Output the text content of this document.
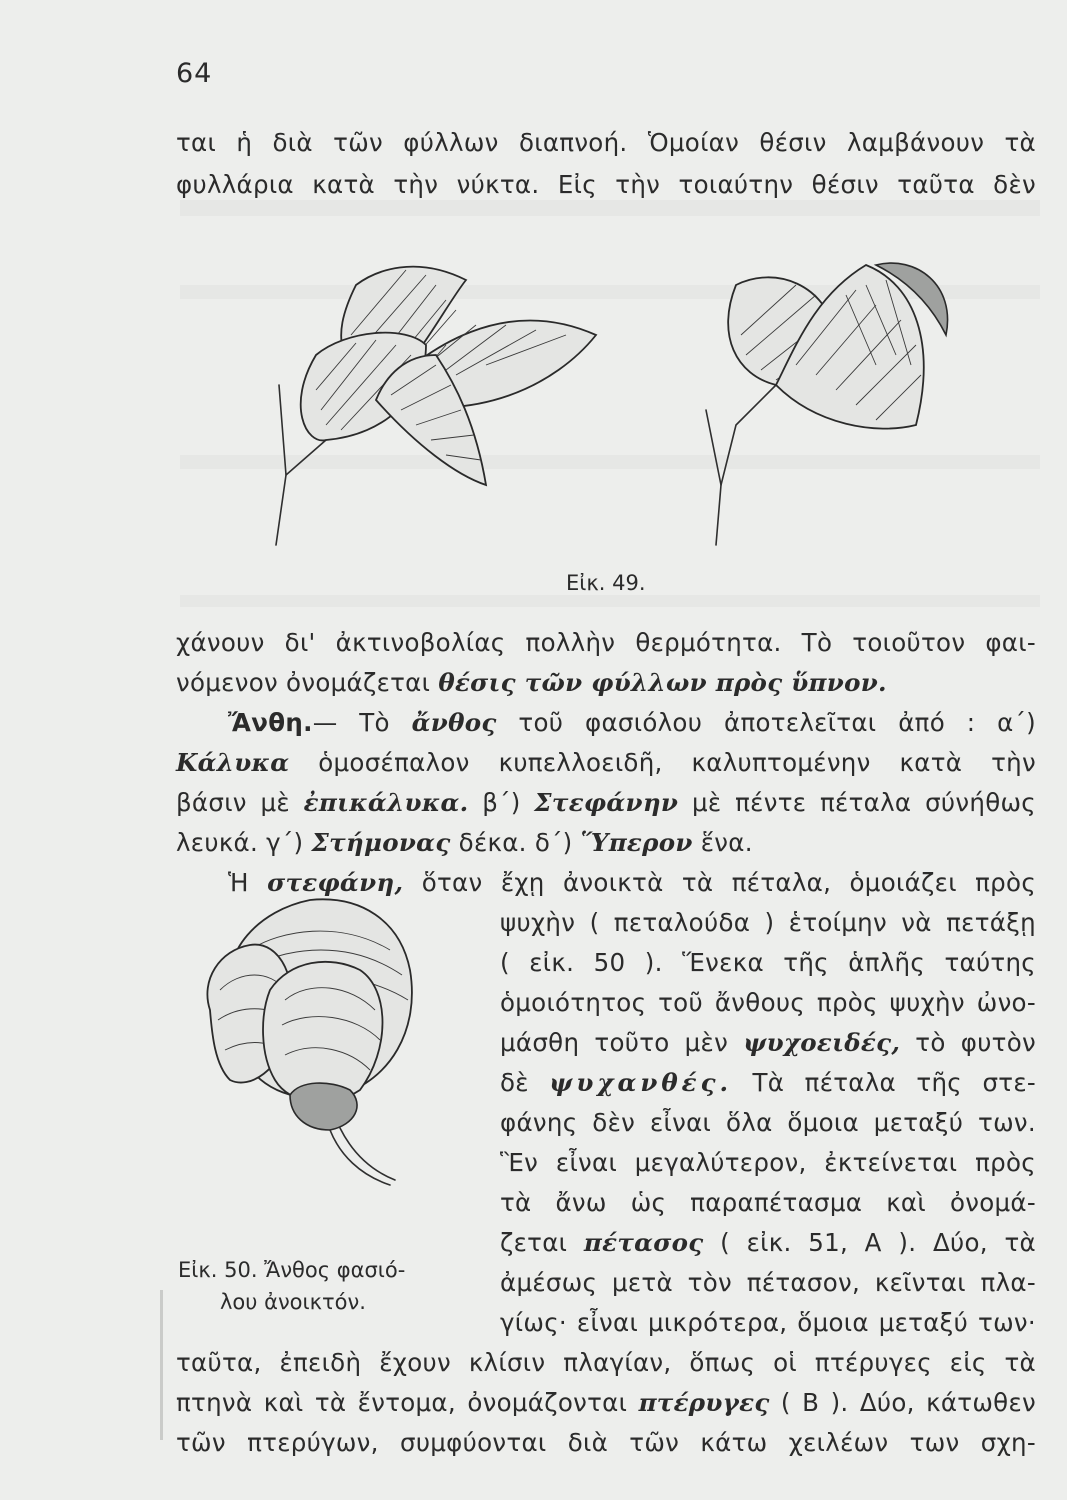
64
ται ἡ διὰ τῶν φύλλων διαπνοή. Ὁμοίαν θέσιν λαμβάνουν τὰ
φυλλάρια κατὰ τὴν νύκτα. Εἰς τὴν τοιαύτην θέσιν ταῦτα δὲν
Εἰκ. 49.
χάνουν δι' ἀκτινοβολίας πολλὴν θερμότητα. Τὸ τοιοῦτον φαι-
νόμενον ὀνομάζεται θέσις τῶν φύλλων πρὸς ὕπνον.
Ἄνθη.— Τὸ ἄνθος τοῦ φασιόλου ἀποτελεῖται ἀπό : α΄)
Κάλυκα ὁμοσέπαλον κυπελλοειδῆ, καλυπτομένην κατὰ τὴν
βάσιν μὲ ἐπικάλυκα. β΄) Στεφάνην μὲ πέντε πέταλα σύνήθως
λευκά. γ΄) Στήμονας δέκα. δ΄) Ὕπερον ἕνα.
Ἡ στεφάνη, ὅταν ἔχῃ ἀνοικτὰ τὰ πέταλα, ὁμοιάζει πρὸς
ψυχὴν ( πεταλούδα ) ἑτοίμην νὰ πετάξῃ
( εἰκ. 50 ). Ἕνεκα τῆς ἁπλῆς ταύτης
ὁμοιότητος τοῦ ἄνθους πρὸς ψυχὴν ὠνο-
μάσθη τοῦτο μὲν ψυχοειδές, τὸ φυτὸν
δὲ ψυχανθές. Τὰ πέταλα τῆς στε-
φάνης δὲν εἶναι ὅλα ὅμοια μεταξύ των.
Ἓν εἶναι μεγαλύτερον, ἐκτείνεται πρὸς
τὰ ἄνω ὡς παραπέτασμα καὶ ὀνομά-
ζεται πέτασος ( εἰκ. 51, Α ). Δύο, τὰ
ἀμέσως μετὰ τὸν πέτασον, κεῖνται πλα-
γίως· εἶναι μικρότερα, ὅμοια μεταξύ των·
Εἰκ. 50. Ἄνθος φασιό-
λου ἀνοικτόν.
ταῦτα, ἐπειδὴ ἔχουν κλίσιν πλαγίαν, ὅπως οἱ πτέρυγες εἰς τὰ
πτηνὰ καὶ τὰ ἔντομα, ὀνομάζονται πτέρυγες ( Β ). Δύο, κάτωθεν
τῶν πτερύγων, συμφύονται διὰ τῶν κάτω χειλέων των σχη-
